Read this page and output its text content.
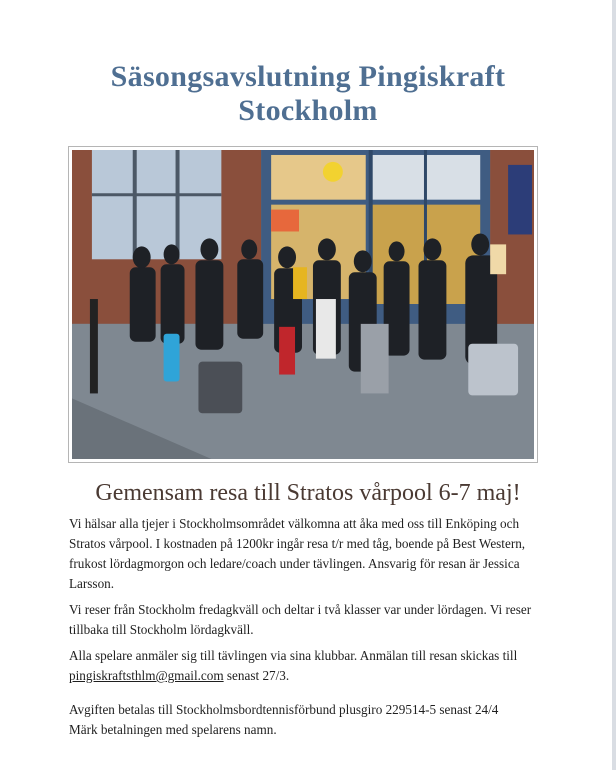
Säsongsavslutning Pingiskraft
Stockholm
Gemensam resa till Stratos vårpool 6-7 maj!

Vi hälsar alla tjejer i Stockholmsområdet välkomna att åka med oss till Enköping och Stratos vårpool. I kostnaden på 1200kr ingår resa t/r med tåg, boende på Best Western, frukost lördagmorgon och ledare/coach under tävlingen. Ansvarig för resan är Jessica Larsson.

Vi reser från Stockholm fredagkväll och deltar i två klasser var under lördagen. Vi reser tillbaka till Stockholm lördagkväll.

Alla spelare anmäler sig till tävlingen via sina klubbar. Anmälan till resan skickas till pingiskraftsthlm@gmail.com senast 27/3.

Avgiften betalas till Stockholmsbordtennisförbund plusgiro 229514-5 senast 24/4

Märk betalningen med spelarens namn.
